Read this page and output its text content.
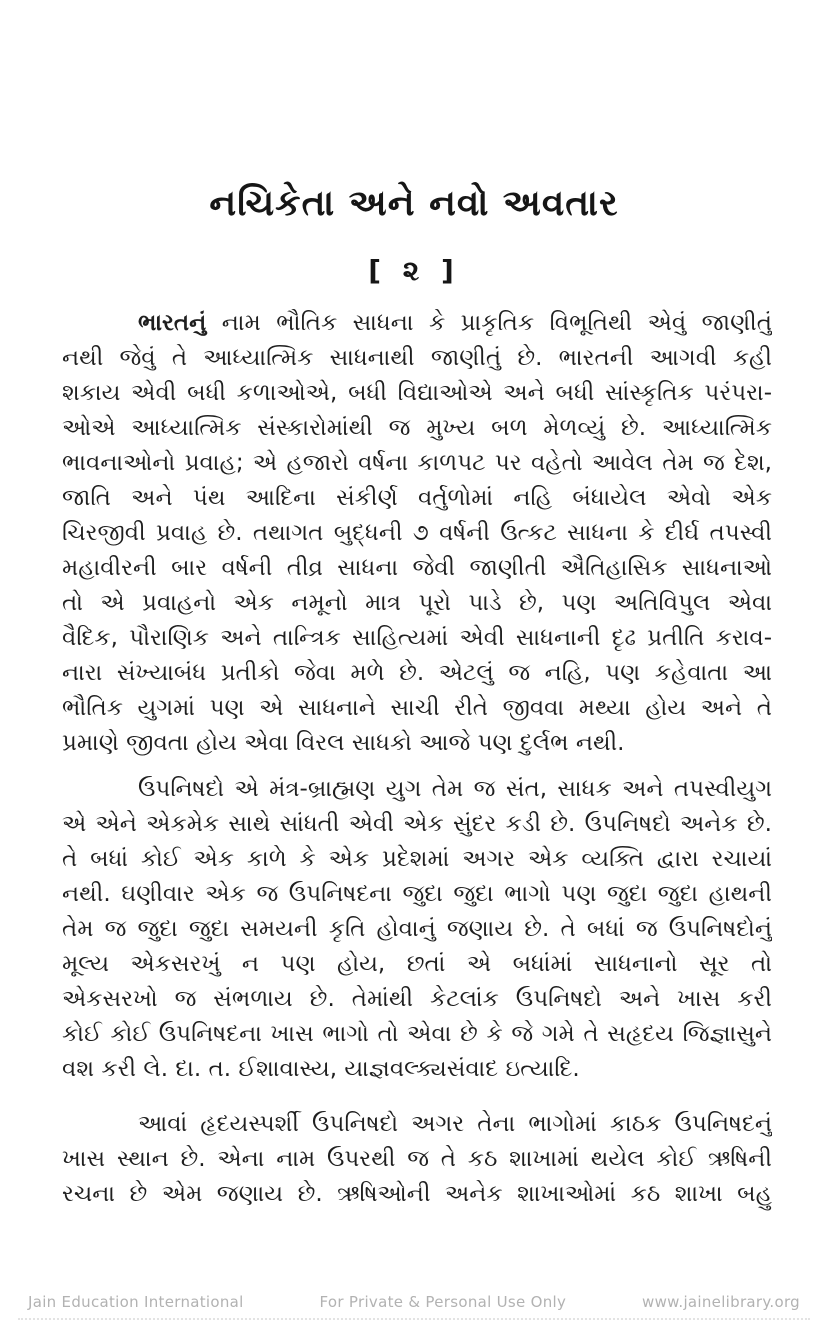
નચિકેતા અને નવો અવતાર
[ ૨ ]
ભારતનું નામ ભૌતિક સાધના કે પ્રાકૃતિક વિભૂતિથી એવું જાણીતું
નથી જેવું તે આધ્યાત્મિક સાધનાથી જાણીતું છે. ભારતની આગવી કહી
શકાય એવી બધી કળાઓએ, બધી વિદ્યાઓએ અને બધી સાંસ્કૃતિક પરંપરા-
ઓએ આધ્યાત્મિક સંસ્કારોમાંથી જ મુખ્ય બળ મેળવ્યું છે. આધ્યાત્મિક
ભાવનાઓનો પ્રવાહ; એ હજારો વર્ષના કાળપટ પર વહેતો આવેલ તેમ જ દેશ,
જાતિ અને પંથ આદિના સંકીર્ણ વર્તુળોમાં નહિ બંધાયેલ એવો એક
ચિરજીવી પ્રવાહ છે. તથાગત બુદ્ધની ૭ વર્ષની ઉત્કટ સાધના કે દીર્ઘ તપસ્વી
મહાવીરની બાર વર્ષની તીવ્ર સાધના જેવી જાણીતી ઐતિહાસિક સાધનાઓ
તો એ પ્રવાહનો એક નમૂનો માત્ર પૂરો પાડે છે, પણ અતિવિપુલ એવા
વૈદિક, પૌરાણિક અને તાન્ત્રિક સાહિત્યમાં એવી સાધનાની દૃઢ પ્રતીતિ કરાવ-
નારા સંખ્યાબંધ પ્રતીકો જેવા મળે છે. એટલું જ નહિ, પણ કહેવાતા આ
ભૌતિક યુગમાં પણ એ સાધનાને સાચી રીતે જીવવા મથ્યા હોય અને તે
પ્રમાણે જીવતા હોય એવા વિરલ સાધકો આજે પણ દુર્લભ નથી.
ઉપનિષદો એ મંત્ર-બ્રાહ્મણ યુગ તેમ જ સંત, સાધક અને તપસ્વીયુગ
એ એને એકમેક સાથે સાંધતી એવી એક સુંદર કડી છે. ઉપનિષદો અનેક છે.
તે બધાં કોઈ એક કાળે કે એક પ્રદેશમાં અગર એક વ્યક્તિ દ્વારા રચાયાં
નથી. ઘણીવાર એક જ ઉપનિષદના જુદા જુદા ભાગો પણ જુદા જુદા હાથની
તેમ જ જુદા જુદા સમયની કૃતિ હોવાનું જણાય છે. તે બધાં જ ઉપનિષદોનું
મૂલ્ય એકસરખું ન પણ હોય, છતાં એ બધાંમાં સાધનાનો સૂર તો
એકસરખો જ સંભળાય છે. તેમાંથી કેટલાંક ઉપનિષદો અને ખાસ કરી
કોઈ કોઈ ઉપનિષદના ખાસ ભાગો તો એવા છે કે જે ગમે તે સહૃદય જિજ્ઞાસુને
વશ કરી લે. દા. ત. ઈશાવાસ્ય, યાજ્ઞવલ્ક્યસંવાદ ઇત્યાદિ.
આવાં હૃદયસ્પર્શી ઉપનિષદો અગર તેના ભાગોમાં કાઠક ઉપનિષદનું
ખાસ સ્થાન છે. એના નામ ઉપરથી જ તે કઠ શાખામાં થયેલ કોઈ ઋષિની
રચના છે એમ જણાય છે. ઋષિઓની અનેક શાખાઓમાં કઠ શાખા બહુ
Jain Education International	For Private & Personal Use Only	www.jainelibrary.org
